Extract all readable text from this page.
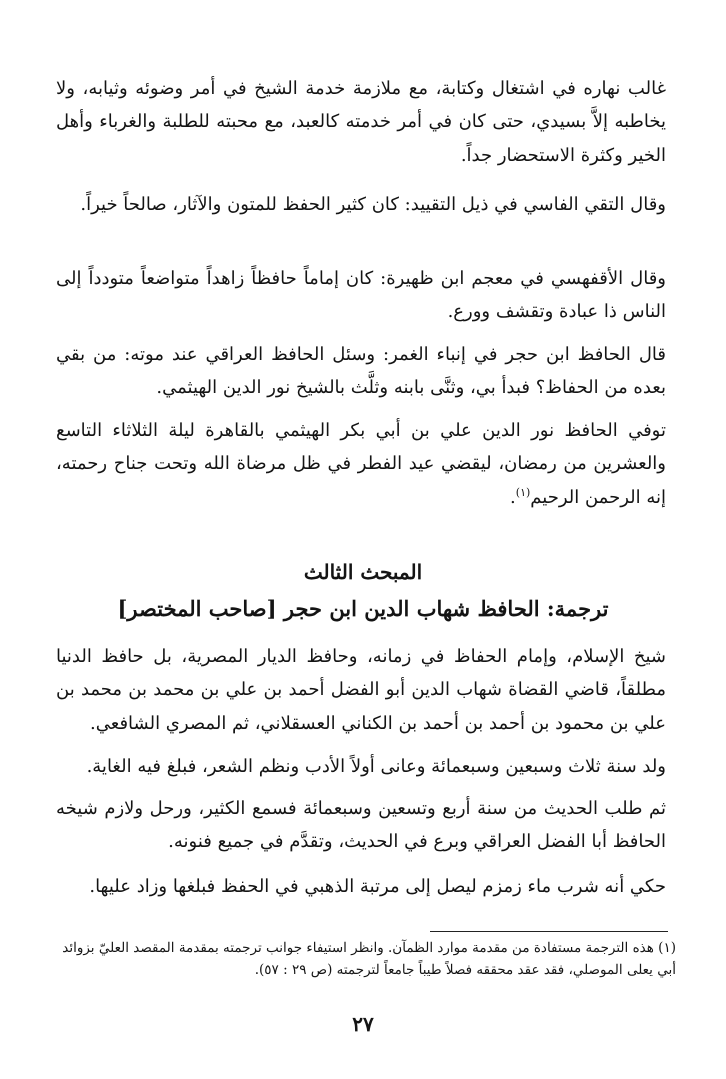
غالب نهاره في اشتغال وكتابة، مع ملازمة خدمة الشيخ في أمر وضوئه وثيابه، ولا يخاطبه إلاَّ بسيدي، حتى كان في أمر خدمته كالعبد، مع محبته للطلبة والغرباء وأهل الخير وكثرة الاستحضار جداً.

وقال التقي الفاسي في ذيل التقييد: كان كثير الحفظ للمتون والآثار، صالحاً خيراً.

وقال الأقفهسي في معجم ابن ظهيرة: كان إماماً حافظاً زاهداً متواضعاً متودداً إلى الناس ذا عبادة وتقشف وورع.

قال الحافظ ابن حجر في إنباء الغمر: وسئل الحافظ العراقي عند موته: من بقي بعده من الحفاظ؟ فبدأ بي، وثنَّى بابنه وثلَّث بالشيخ نور الدين الهيثمي.

توفي الحافظ نور الدين علي بن أبي بكر الهيثمي بالقاهرة ليلة الثلاثاء التاسع والعشرين من رمضان، ليقضي عيد الفطر في ظل مرضاة الله وتحت جناح رحمته، إنه الرحمن الرحيم$^{(١)}$.

المبحث الثالث
ترجمة: الحافظ شهاب الدين ابن حجر [صاحب المختصر]

شيخ الإسلام، وإمام الحفاظ في زمانه، وحافظ الديار المصرية، بل حافظ الدنيا مطلقاً، قاضي القضاة شهاب الدين أبو الفضل أحمد بن علي بن محمد بن محمد بن علي بن محمود بن أحمد بن أحمد بن الكناني العسقلاني، ثم المصري الشافعي.

ولد سنة ثلاث وسبعين وسبعمائة وعانى أولاً الأدب ونظم الشعر، فبلغ فيه الغاية.

ثم طلب الحديث من سنة أربع وتسعين وسبعمائة فسمع الكثير، ورحل ولازم شيخه الحافظ أبا الفضل العراقي وبرع في الحديث، وتقدَّم في جميع فنونه.

حكي أنه شرب ماء زمزم ليصل إلى مرتبة الذهبي في الحفظ فبلغها وزاد عليها.

(١) هذه الترجمة مستفادة من مقدمة موارد الظمآن. وانظر استيفاء جوانب ترجمته بمقدمة المقصد العليّ بزوائد أبي يعلى الموصلي، فقد عقد محققه فصلاً طيباً جامعاً لترجمته (ص ٢٩ : ٥٧).
٢٧
